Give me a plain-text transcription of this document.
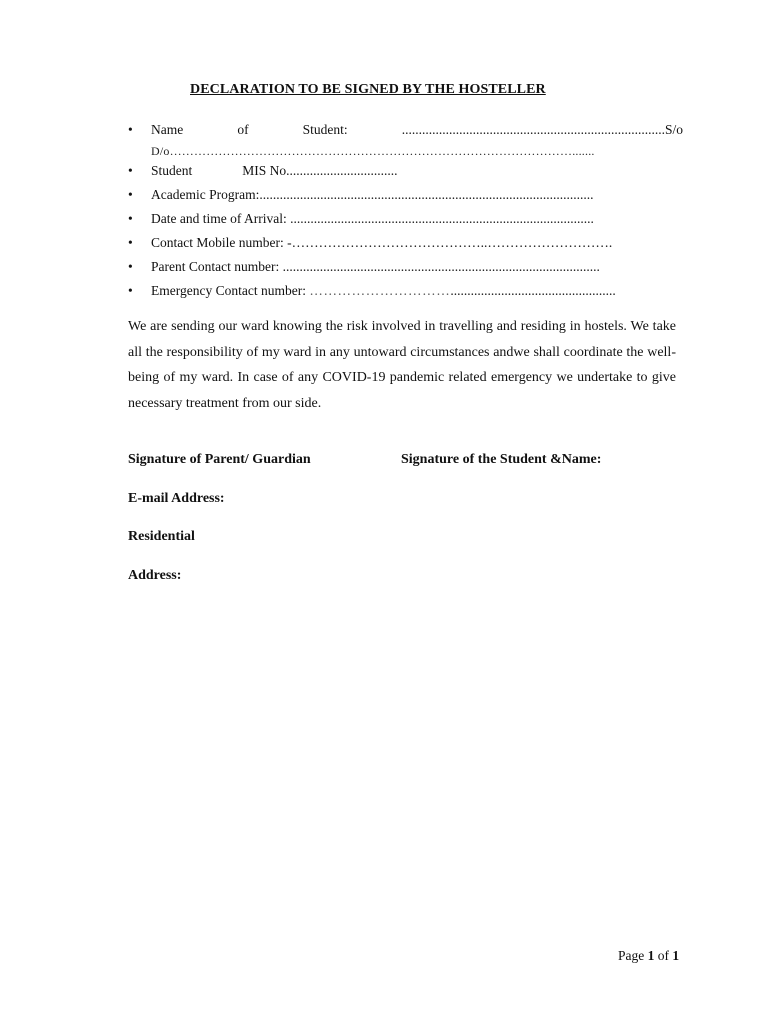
DECLARATION TO BE SIGNED BY THE HOSTELLER
• Name	of	Student:	..............................................................................S/o
D/o……………………………………………………………………………………….......
• Student	MIS No.................................
• Academic Program:...................................................................................................
• Date and time of Arrival: ..........................................................................................
• Contact Mobile number: -……………………………………..……………………….
• Parent Contact number: ..............................................................................................
• Emergency Contact number: ………………………….................................................

We are sending our ward knowing the risk involved in travelling and residing in hostels. We take all the responsibility of my ward in any untoward circumstances andwe shall coordinate the well-being of my ward. In case of any COVID-19 pandemic related emergency we undertake to give necessary treatment from our side.

Signature of Parent/ Guardian	Signature of the Student &Name:
E-mail Address:
Residential
Address:
Page 1 of 1
